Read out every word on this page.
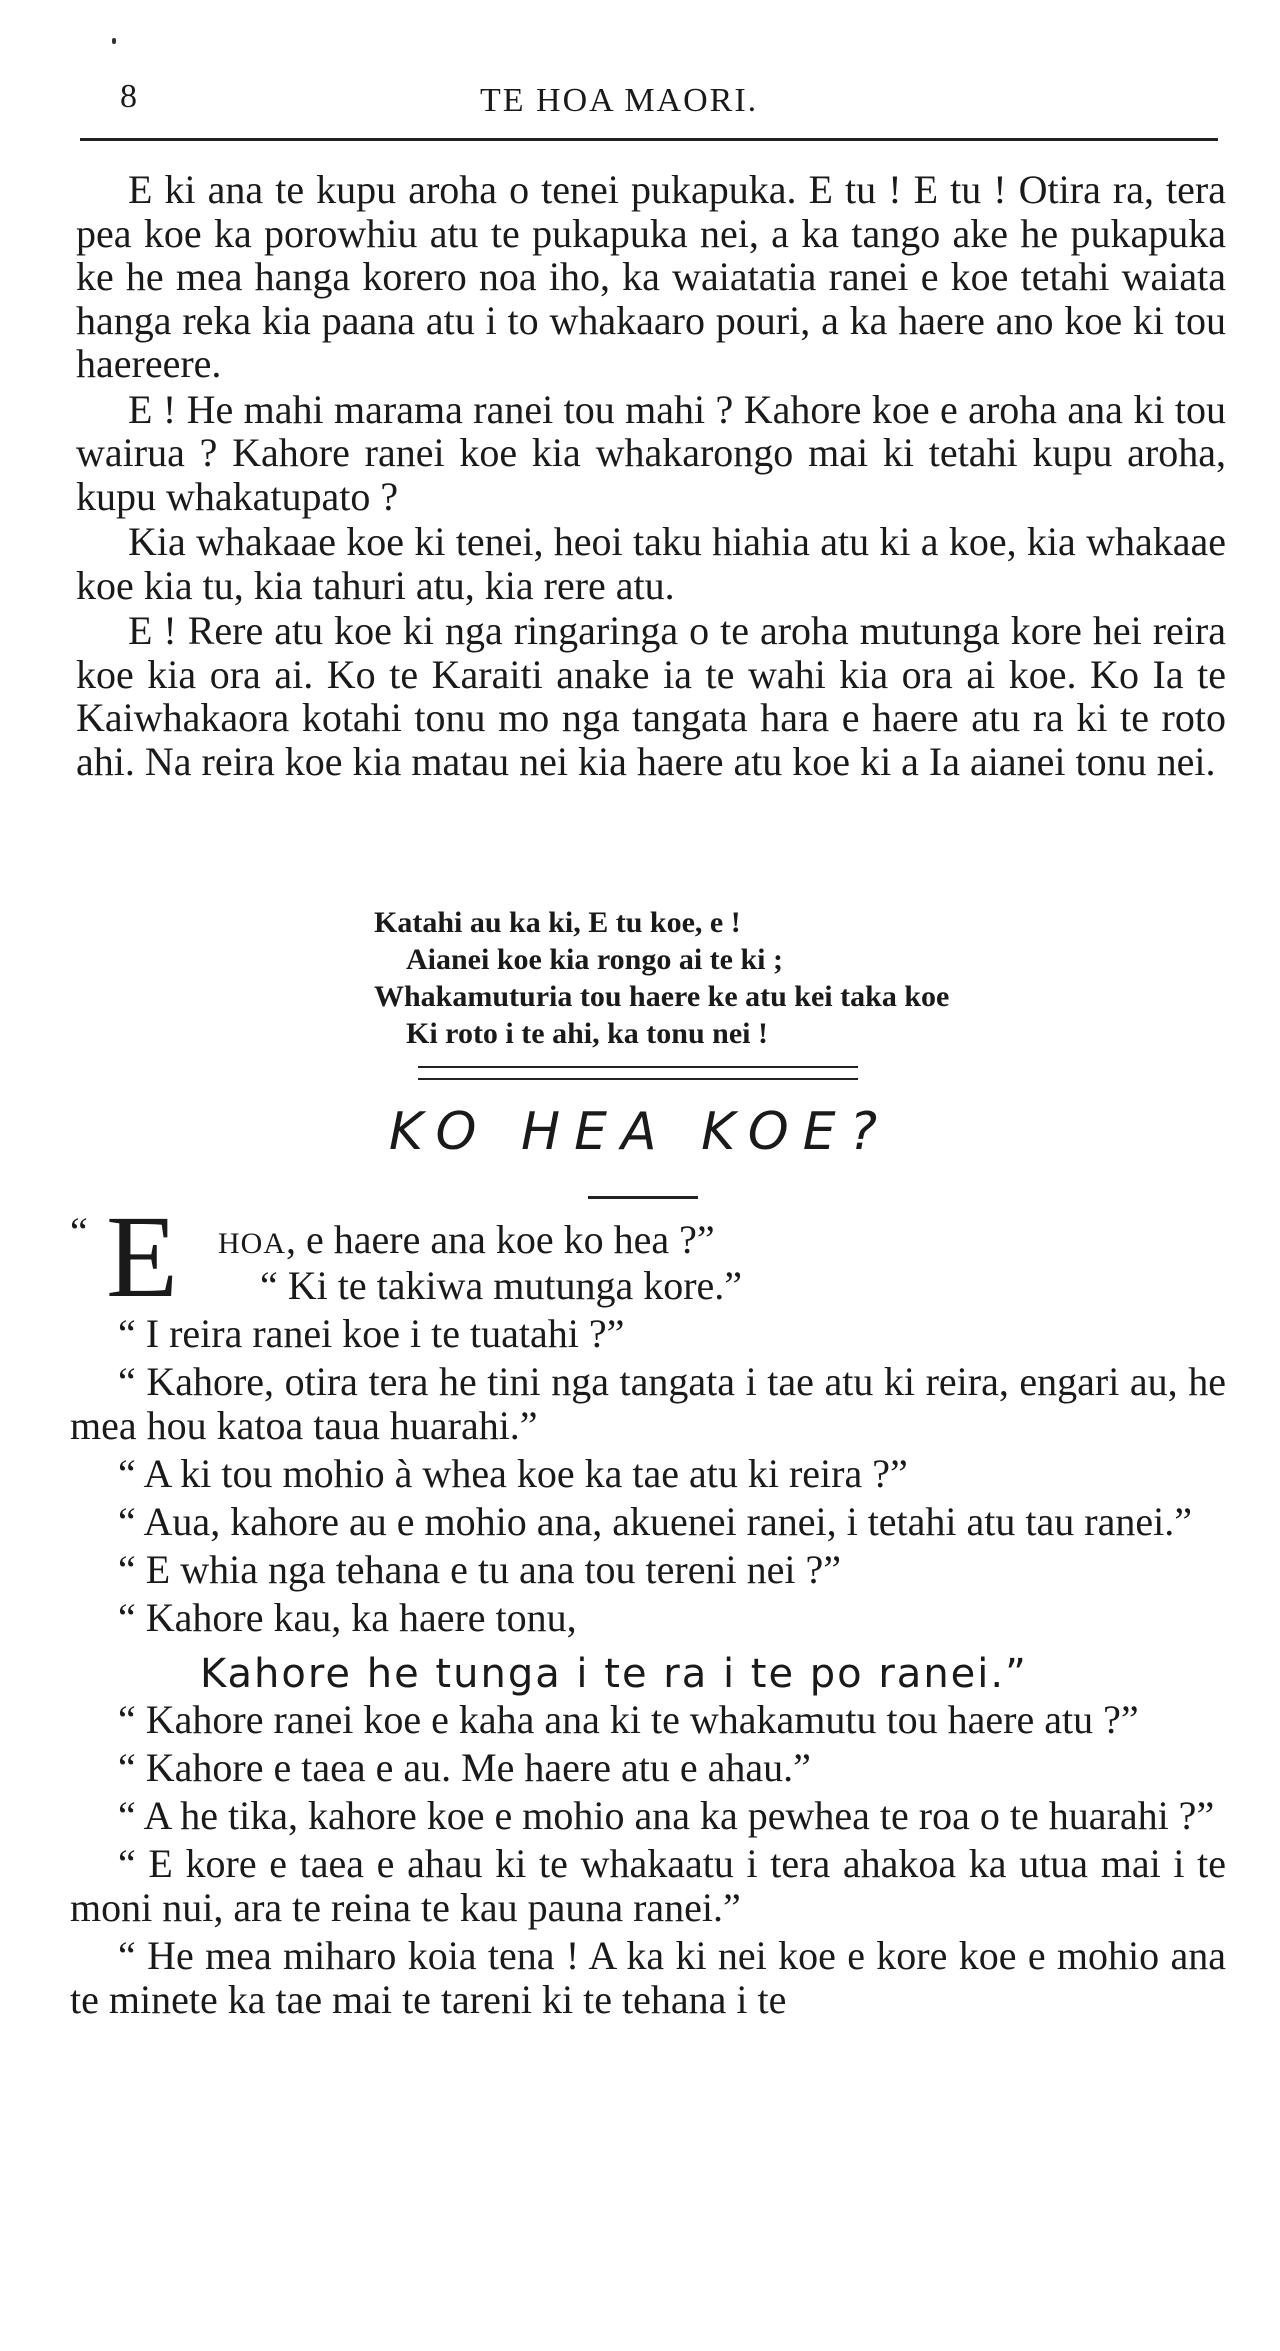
8	TE HOA MAORI.

E ki ana te kupu aroha o tenei pukapuka. E tu ! E tu ! Otira ra, tera pea koe ka porowhiu atu te pukapuka nei, a ka tango ake he pukapuka ke he mea hanga korero noa iho, ka waiatatia ranei e koe tetahi waiata hanga reka kia paana atu i to whakaaro pouri, a ka haere ano koe ki tou haereere.

E ! He mahi marama ranei tou mahi ? Kahore koe e aroha ana ki tou wairua ? Kahore ranei koe kia whakarongo mai ki tetahi kupu aroha, kupu whakatupato ?

Kia whakaae koe ki tenei, heoi taku hiahia atu ki a koe, kia whakaae koe kia tu, kia tahuri atu, kia rere atu.

E ! Rere atu koe ki nga ringaringa o te aroha mutunga kore hei reira koe kia ora ai. Ko te Karaiti anake ia te wahi kia ora ai koe. Ko Ia te Kaiwhakaora kotahi tonu mo nga tangata hara e haere atu ra ki te roto ahi. Na reira koe kia matau nei kia haere atu koe ki a Ia aianei tonu nei.

Katahi au ka ki, E tu koe, e !
Aianei koe kia rongo ai te ki ;
Whakamuturia tou haere ke atu kei taka koe
Ki roto i te ahi, ka tonu nei !
KO HEA KOE?
“ E HOA, e haere ana koe ko hea ?”
“ Ki te takiwa mutunga kore.”

“ I reira ranei koe i te tuatahi ?”

“ Kahore, otira tera he tini nga tangata i tae atu ki reira, engari au, he mea hou katoa taua huarahi.”

“ A ki tou mohio à whea koe ka tae atu ki reira ?”

“ Aua, kahore au e mohio ana, akuenei ranei, i tetahi atu tau ranei.”

“ E whia nga tehana e tu ana tou tereni nei ?”

“ Kahore kau, ka haere tonu,

Kahore he tunga i te ra i te po ranei.”

“ Kahore ranei koe e kaha ana ki te whakamutu tou haere atu ?”

“ Kahore e taea e au. Me haere atu e ahau.”

“ A he tika, kahore koe e mohio ana ka pewhea te roa o te huarahi ?”

“ E kore e taea e ahau ki te whakaatu i tera ahakoa ka utua mai i te moni nui, ara te reina te kau pauna ranei.”

“ He mea miharo koia tena ! A ka ki nei koe e kore koe e mohio ana te minete ka tae mai te tareni ki te tehana i te
